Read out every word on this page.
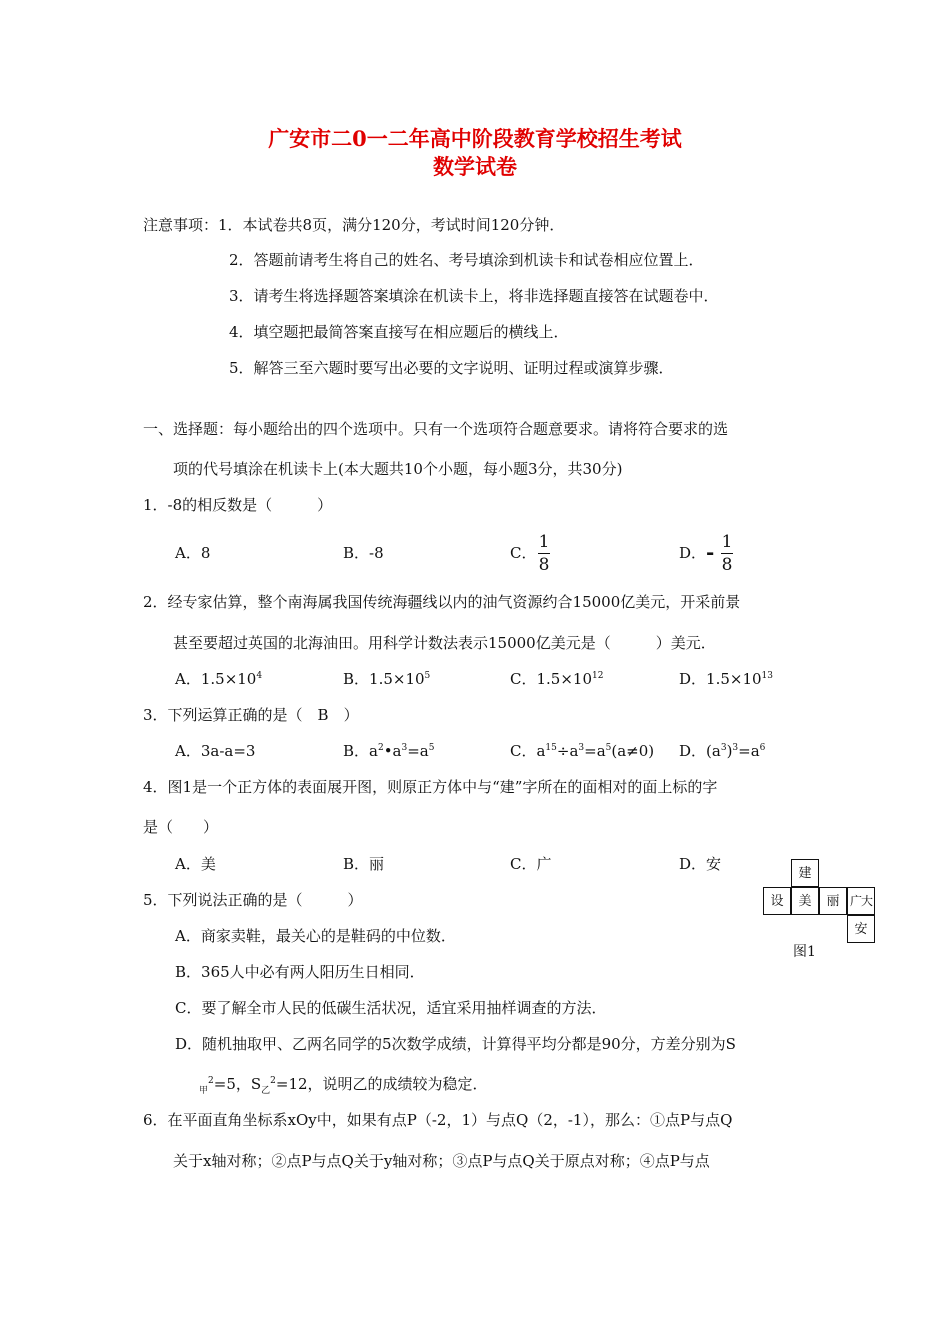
广安市二0一二年高中阶段教育学校招生考试
数学试卷
注意事项：1．本试卷共8页，满分120分，考试时间120分钟．
2．答题前请考生将自己的姓名、考号填涂到机读卡和试卷相应位置上．
3．请考生将选择题答案填涂在机读卡上，将非选择题直接答在试题卷中．
4．填空题把最简答案直接写在相应题后的横线上．
5．解答三至六题时要写出必要的文字说明、证明过程或演算步骤．
一、选择题：每小题给出的四个选项中。只有一个选项符合题意要求。请将符合要求的选
项的代号填涂在机读卡上(本大题共10个小题，每小题3分，共30分)
1．-8的相反数是（　　　）
A．8	B．-8	C．
1
8
D． - 1
8
2．经专家估算，整个南海属我国传统海疆线以内的油气资源约合15000亿美元，开采前景
甚至要超过英国的北海油田。用科学计数法表示15000亿美元是（　　　）美元．
A．$1.5\times 10^4$	B．$1.5\times 10^5$	C．$1.5\times 10^{12}$	D．$1.5\times 10^{13}$
3．下列运算正确的是（　B　）
A．3a-a=3	B．$a^2•a^3=a^5$	C．$a^{15}\div a^3=a^5(a\ne 0)$ D．$(a^3)^3=a^6$
4．图1是一个正方体的表面展开图，则原正方体中与“建”字所在的面相对的面上标的字
是（　　）
A．美	B．丽	C．广	D．安
建
设	美	丽 广大
安
图1
5．下列说法正确的是（　　　）
A．商家卖鞋，最关心的是鞋码的中位数．
B．365人中必有两人阳历生日相同．
C．要了解全市人民的低碳生活状况，适宜采用抽样调查的方法．
D．随机抽取甲、乙两名同学的5次数学成绩，计算得平均分都是90分，方差分别为S
$_甲^2$=5，$S_乙^2=12$，说明乙的成绩较为稳定．
6．在平面直角坐标系xOy中，如果有点P（-2，1）与点Q（2，-1），那么：①点P与点Q
关于x轴对称；②点P与点Q关于y轴对称；③点P与点Q关于原点对称；④点P与点
